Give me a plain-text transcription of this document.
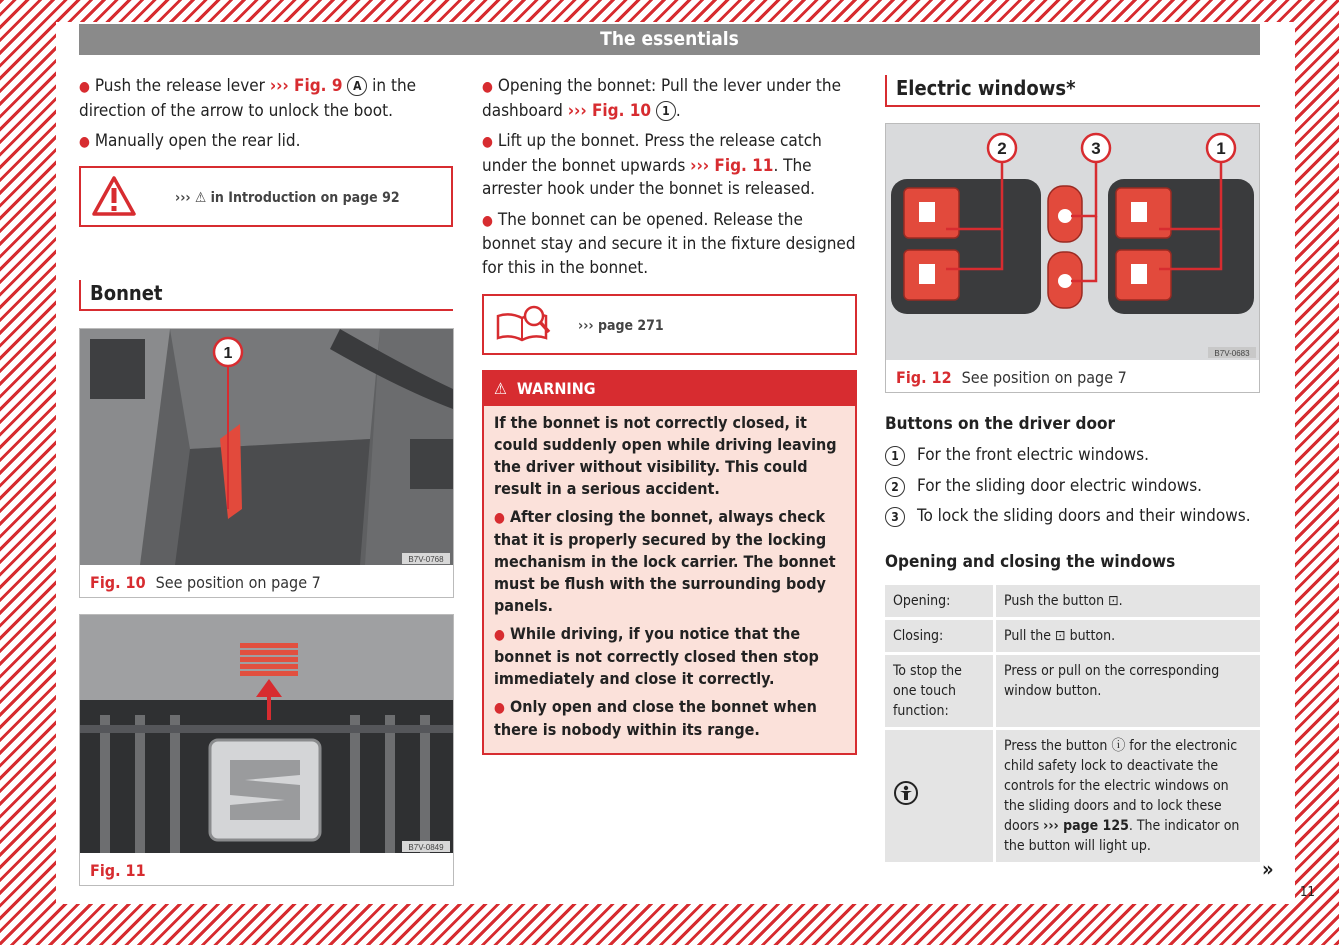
The essentials

● Push the release lever ››› Fig. 9 A in the direction of the arrow to unlock the boot.

● Manually open the rear lid.

››› ⚠ in Introduction on page 92
Bonnet
1
B7V-0768
Fig. 10 See position on page 7
B7V-0849
Fig. 11

● Opening the bonnet: Pull the lever under the dashboard ››› Fig. 10 1 .

● Lift up the bonnet. Press the release catch under the bonnet upwards ››› Fig. 11. The arrester hook under the bonnet is released.

● The bonnet can be opened. Release the bonnet stay and secure it in the fixture designed for this in the bonnet.

››› page 271
⚠ WARNING

If the bonnet is not correctly closed, it could suddenly open while driving leaving the driver without visibility. This could result in a serious accident.

● After closing the bonnet, always check that it is properly secured by the locking mechanism in the lock carrier. The bonnet must be flush with the surrounding body panels.

● While driving, if you notice that the bonnet is not correctly closed then stop immediately and close it correctly.

● Only open and close the bonnet when there is nobody within its range.

Electric windows*
2	3	1
B7V-0683
Fig. 12 See position on page 7
Buttons on the driver door
1	For the front electric windows.
2	For the sliding door electric windows.
3	To lock the sliding doors and their windows.
Opening and closing the windows
Opening:	Push the button ⊡.
Closing:	Pull the ⊡ button.
To stop the one touch function:	Press or pull on the corresponding window button.
	Press the button ⓘ for the electronic child safety lock to deactivate the controls for the electric windows on the sliding doors and to lock these doors ››› page 125. The indicator on the button will light up.
»
11
